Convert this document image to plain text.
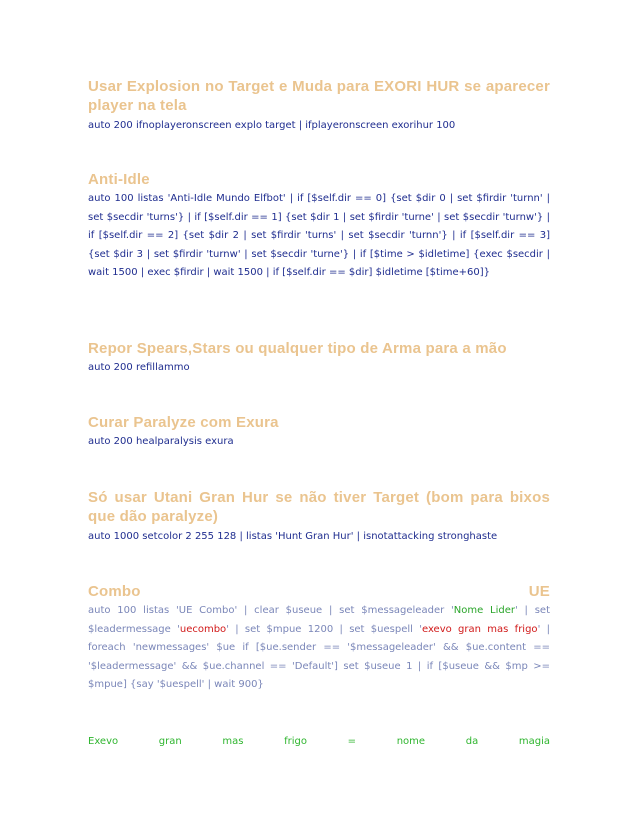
Usar Explosion no Target e Muda para EXORI HUR se aparecer player na tela

auto 200 ifnoplayeronscreen explo target | ifplayeronscreen exorihur 100

Anti-Idle

auto 100 listas 'Anti-Idle Mundo Elfbot' | if [$self.dir == 0] {set $dir 0 | set $firdir 'turnn' | set $secdir 'turns'} | if [$self.dir == 1] {set $dir 1 | set $firdir 'turne' | set $secdir 'turnw'} | if [$self.dir == 2] {set $dir 2 | set $firdir 'turns' | set $secdir 'turnn'} | if [$self.dir == 3] {set $dir 3 | set $firdir 'turnw' | set $secdir 'turne'} | if [$time > $idletime] {exec $secdir | wait 1500 | exec $firdir | wait 1500 | if [$self.dir == $dir] $idletime [$time+60]}

Repor Spears,Stars ou qualquer tipo de Arma para a mão

auto 200 refillammo

Curar Paralyze com Exura

auto 200 healparalysis exura

Só usar Utani Gran Hur se não tiver Target (bom para bixos que dão paralyze)

auto 1000 setcolor 2 255 128 | listas 'Hunt Gran Hur' | isnotattacking stronghaste

Combo	UE

auto 100 listas 'UE Combo' | clear $useue | set $messageleader 'Nome Lider' | set $leadermessage 'uecombo' | set $mpue 1200 | set $uespell 'exevo gran mas frigo' | foreach 'newmessages' $ue if [$ue.sender == '$messageleader' && $ue.content == '$leadermessage' && $ue.channel == 'Default'] set $useue 1 | if [$useue && $mp >= $mpue] {say '$uespell' | wait 900}

Exevo	gran	mas	frigo	=	nome	da	magia
